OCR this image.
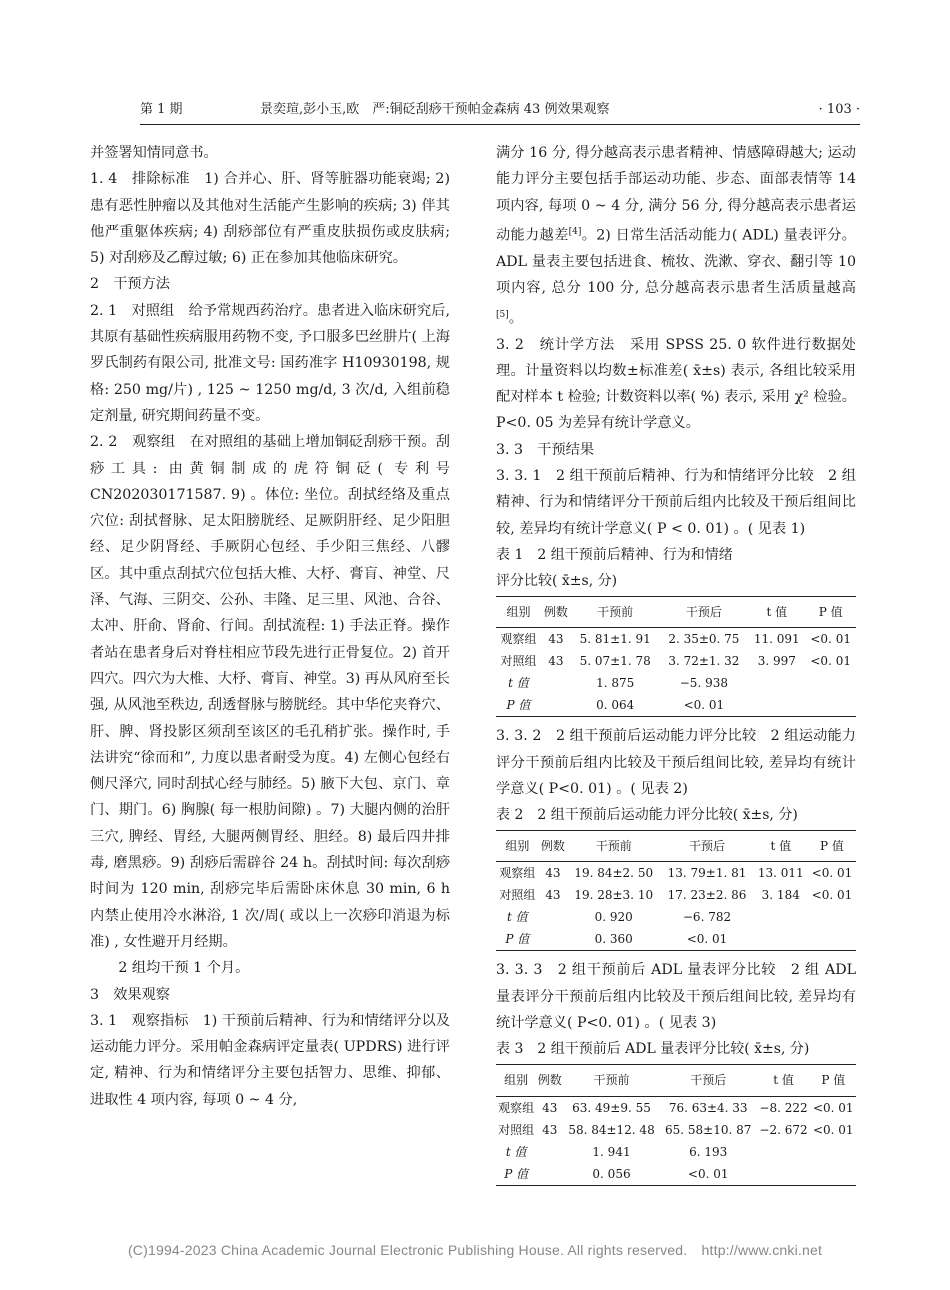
第 1 期	景奕瑄,彭小玉,欧　严:铜砭刮痧干预帕金森病 43 例效果观察	· 103 ·

并签署知情同意书。

1. 4　排除标准　1) 合并心、肝、肾等脏器功能衰竭; 2) 患有恶性肿瘤以及其他对生活能产生影响的疾病; 3) 伴其他严重躯体疾病; 4) 刮痧部位有严重皮肤损伤或皮肤病; 5) 对刮痧及乙醇过敏; 6) 正在参加其他临床研究。

2　干预方法

2. 1　对照组　给予常规西药治疗。患者进入临床研究后, 其原有基础性疾病服用药物不变, 予口服多巴丝肼片( 上海罗氏制药有限公司, 批准文号: 国药准字 H10930198, 规格: 250 mg/片) , 125 ~ 1250 mg/d, 3 次/d, 入组前稳定剂量, 研究期间药量不变。

2. 2　观察组　在对照组的基础上增加铜砭刮痧干预。刮痧工具: 由黄铜制成的虎符铜砭( 专利号 CN202030171587. 9) 。体位: 坐位。刮拭经络及重点穴位: 刮拭督脉、足太阳膀胱经、足厥阴肝经、足少阳胆经、足少阴肾经、手厥阴心包经、手少阳三焦经、八髎区。其中重点刮拭穴位包括大椎、大杼、膏肓、神堂、尺泽、气海、三阴交、公孙、丰隆、足三里、风池、合谷、太冲、肝俞、肾俞、行间。刮拭流程: 1) 手法正脊。操作者站在患者身后对脊柱相应节段先进行正骨复位。2) 首开四穴。四穴为大椎、大杼、膏肓、神堂。3) 再从风府至长强, 从风池至秩边, 刮透督脉与膀胱经。其中华佗夹脊穴、肝、脾、肾投影区须刮至该区的毛孔稍扩张。操作时, 手法讲究“徐而和”, 力度以患者耐受为度。4) 左侧心包经右侧尺泽穴, 同时刮拭心经与肺经。5) 腋下大包、京门、章门、期门。6) 胸腺( 每一根肋间隙) 。7) 大腿内侧的治肝三穴, 脾经、胃经, 大腿两侧胃经、胆经。8) 最后四井排毒, 磨黑痧。9) 刮痧后需辟谷 24 h。刮拭时间: 每次刮痧时间为 120 min, 刮痧完毕后需卧床休息 30 min, 6 h 内禁止使用冷水淋浴, 1 次/周( 或以上一次痧印消退为标准) , 女性避开月经期。

2 组均干预 1 个月。

3　效果观察

3. 1　观察指标　1) 干预前后精神、行为和情绪评分以及运动能力评分。采用帕金森病评定量表( UPDRS) 进行评定, 精神、行为和情绪评分主要包括智力、思维、抑郁、进取性 4 项内容, 每项 0 ~ 4 分,

满分 16 分, 得分越高表示患者精神、情感障碍越大; 运动能力评分主要包括手部运动功能、步态、面部表情等 14 项内容, 每项 0 ~ 4 分, 满分 56 分, 得分越高表示患者运动能力越差[4]。2) 日常生活活动能力( ADL) 量表评分。ADL 量表主要包括进食、梳妆、洗漱、穿衣、翻引等 10 项内容, 总分 100 分, 总分越高表示患者生活质量越高[5]。

3. 2　统计学方法　采用 SPSS 25. 0 软件进行数据处理。计量资料以均数±标准差( x̄±s) 表示, 各组比较采用配对样本 t 检验; 计数资料以率( %) 表示, 采用 χ² 检验。P<0. 05 为差异有统计学意义。

3. 3　干预结果

3. 3. 1　2 组干预前后精神、行为和情绪评分比较　2 组精神、行为和情绪评分干预前后组内比较及干预后组间比较, 差异均有统计学意义( P < 0. 01) 。( 见表 1)

表 1　2 组干预前后精神、行为和情绪

评分比较( x̄±s, 分)

组别	例数	干预前	干预后	t 值	P 值
观察组	43	5. 81±1. 91	2. 35±0. 75	11. 091	<0. 01
对照组	43	5. 07±1. 78	3. 72±1. 32	3. 997	<0. 01
t 值		1. 875	−5. 938		
P 值		0. 064	<0. 01		

3. 3. 2　2 组干预前后运动能力评分比较　2 组运动能力评分干预前后组内比较及干预后组间比较, 差异均有统计学意义( P<0. 01) 。( 见表 2)

表 2　2 组干预前后运动能力评分比较( x̄±s, 分)

组别	例数	干预前	干预后	t 值	P 值
观察组	43	19. 84±2. 50	13. 79±1. 81	13. 011	<0. 01
对照组	43	19. 28±3. 10	17. 23±2. 86	3. 184	<0. 01
t 值		0. 920	−6. 782		
P 值		0. 360	<0. 01		

3. 3. 3　2 组干预前后 ADL 量表评分比较　2 组 ADL 量表评分干预前后组内比较及干预后组间比较, 差异均有统计学意义( P<0. 01) 。( 见表 3)

表 3　2 组干预前后 ADL 量表评分比较( x̄±s, 分)

组别	例数	干预前	干预后	t 值	P 值
观察组	43	63. 49±9. 55	76. 63±4. 33	−8. 222	<0. 01
对照组	43	58. 84±12. 48	65. 58±10. 87	−2. 672	<0. 01
t 值		1. 941	6. 193		
P 值		0. 056	<0. 01		
(C)1994-2023 China Academic Journal Electronic Publishing House. All rights reserved.　http://www.cnki.net
